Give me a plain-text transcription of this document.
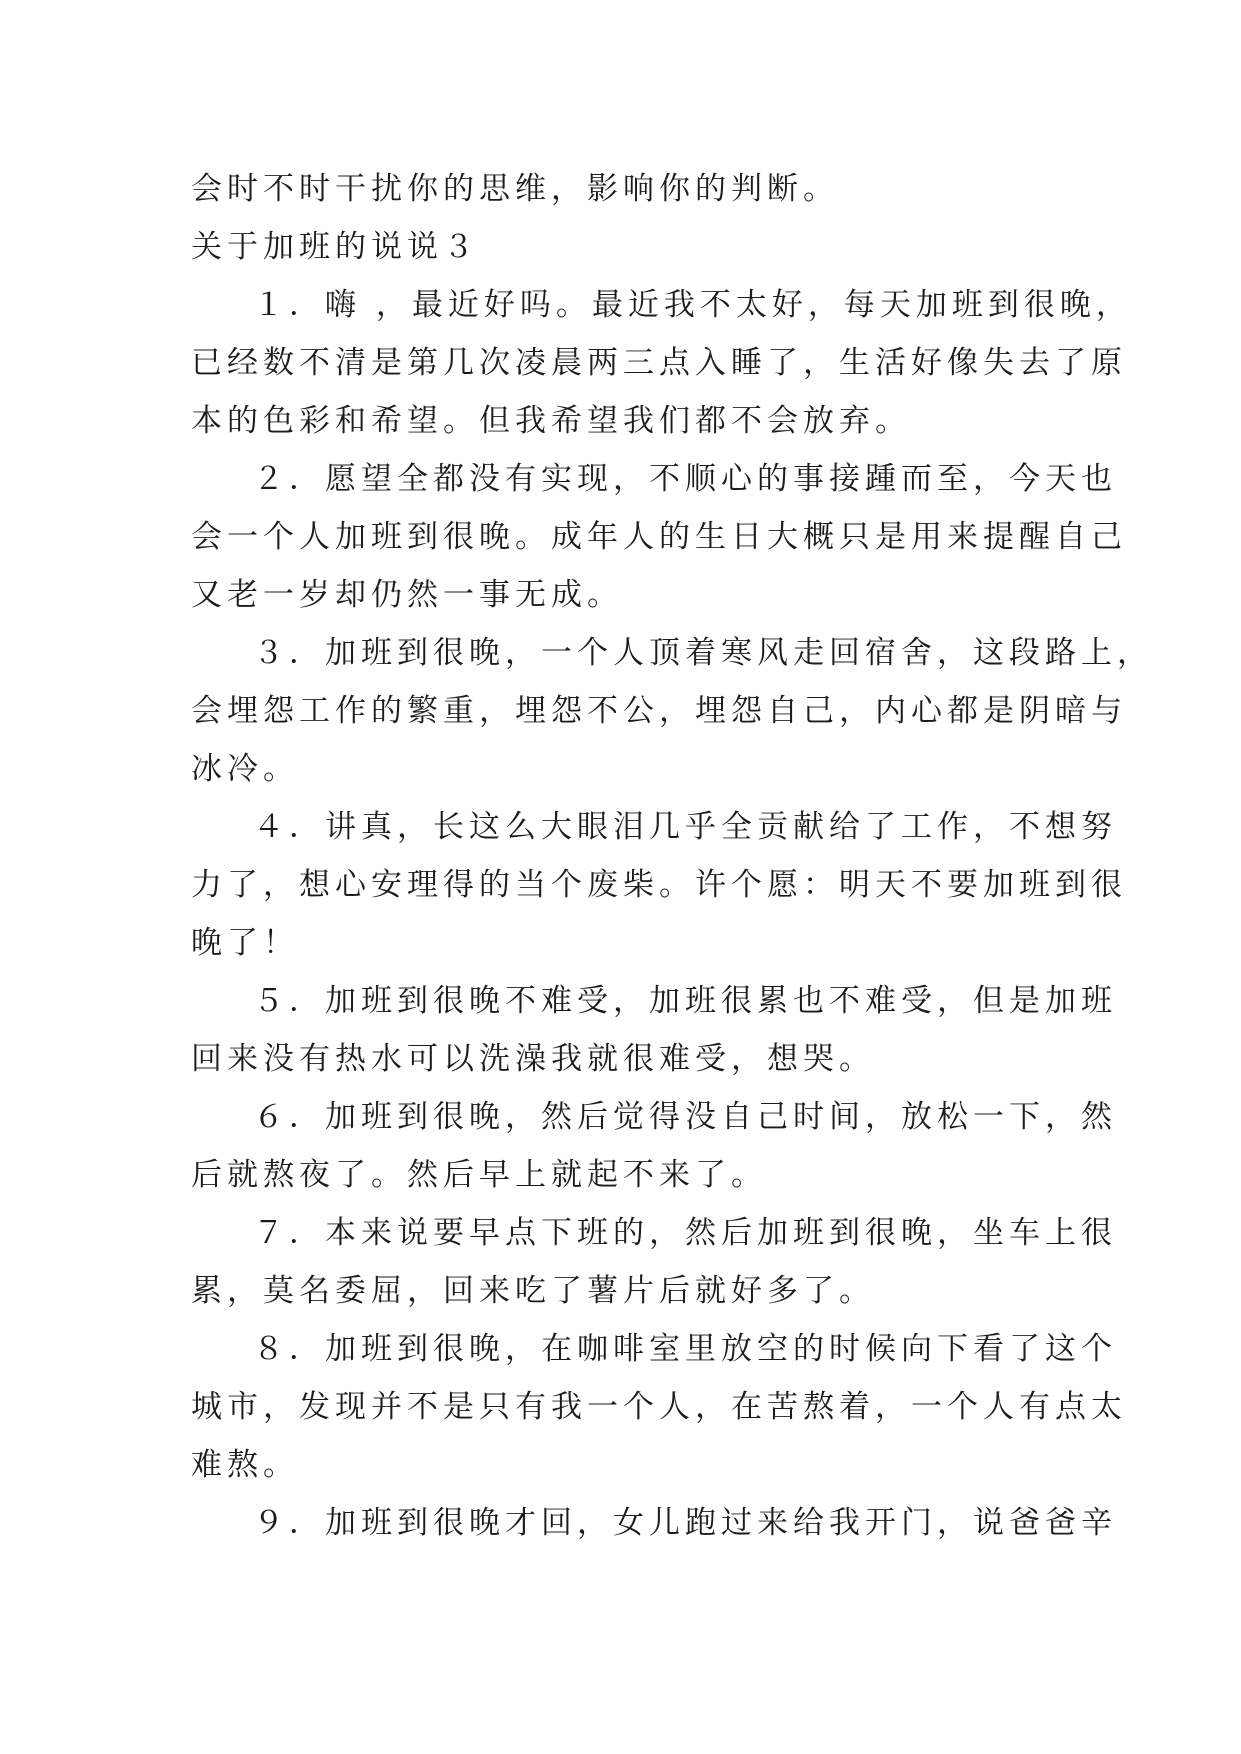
会时不时干扰你的思维，影响你的判断。
关于加班的说说３
１．嗨 ，最近好吗。最近我不太好，每天加班到很晚，
已经数不清是第几次凌晨两三点入睡了，生活好像失去了原
本的色彩和希望。但我希望我们都不会放弃。
２．愿望全都没有实现，不顺心的事接踵而至，今天也
会一个人加班到很晚。成年人的生日大概只是用来提醒自己
又老一岁却仍然一事无成。
３．加班到很晚，一个人顶着寒风走回宿舍，这段路上，
会埋怨工作的繁重，埋怨不公，埋怨自己，内心都是阴暗与
冰冷。
４．讲真，长这么大眼泪几乎全贡献给了工作，不想努
力了，想心安理得的当个废柴。许个愿：明天不要加班到很
晚了！
５．加班到很晚不难受，加班很累也不难受，但是加班
回来没有热水可以洗澡我就很难受，想哭。
６．加班到很晚，然后觉得没自己时间，放松一下，然
后就熬夜了。然后早上就起不来了。
７．本来说要早点下班的，然后加班到很晚，坐车上很
累，莫名委屈，回来吃了薯片后就好多了。
８．加班到很晚，在咖啡室里放空的时候向下看了这个
城市，发现并不是只有我一个人，在苦熬着，一个人有点太
难熬。
９．加班到很晚才回，女儿跑过来给我开门，说爸爸辛
